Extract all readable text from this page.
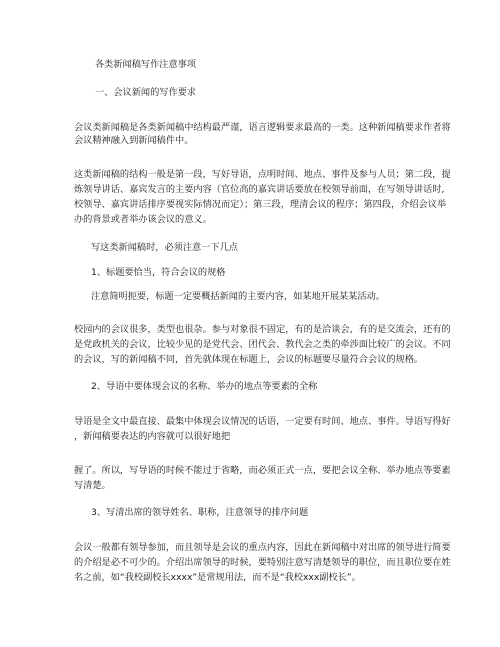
各类新闻稿写作注意事项
一、会议新闻的写作要求
会议类新闻稿是各类新闻稿中结构最严谨，语言逻辑要求最高的一类。这种新闻稿要求作者将
会议精神融入到新闻稿件中。
这类新闻稿的结构一般是第一段，写好导语，点明时间、地点、事件及参与人员；第二段，提
炼领导讲话、嘉宾发言的主要内容（官位高的嘉宾讲话要放在校领导前面，在写领导讲话时,
校领导、嘉宾讲话排序要视实际情况而定）；第三段，理清会议的程序；第四段，介绍会议举
办的背景或者举办该会议的意义。
写这类新闻稿时，必须注意一下几点
1、标题要恰当，符合会议的规格
注意简明扼要，标题一定要概括新闻的主要内容，如某地开展某某活动。
校园内的会议很多，类型也很杂。参与对象很不固定，有的是洽谈会，有的是交流会，还有的
是党政机关的会议，比较少见的是党代会、团代会、教代会之类的牵涉面比较广的会议。不同
的会议，写的新闻稿不同，首先就体现在标题上，会议的标题要尽量符合会议的规格。
2、导语中要体现会议的名称、举办的地点等要素的全称
导语是全文中最直接、最集中体现会议情况的话语，一定要有时间、地点、事件。导语写得好
，新闻稿要表达的内容就可以很好地把
握了。所以，写导语的时候不能过于省略，而必须正式一点，要把会议全称、举办地点等要素
写清楚。
3、写清出席的领导姓名、职称，注意领导的排序问题
会议一般都有领导参加，而且领导是会议的重点内容，因此在新闻稿中对出席的领导进行简要
的介绍是必不可少的。介绍出席领导的时候，要特别注意写清楚领导的职位，而且职位要在姓
名之前，如“我校副校长xxxx”是常规用法，而不是“我校xxx副校长”。
